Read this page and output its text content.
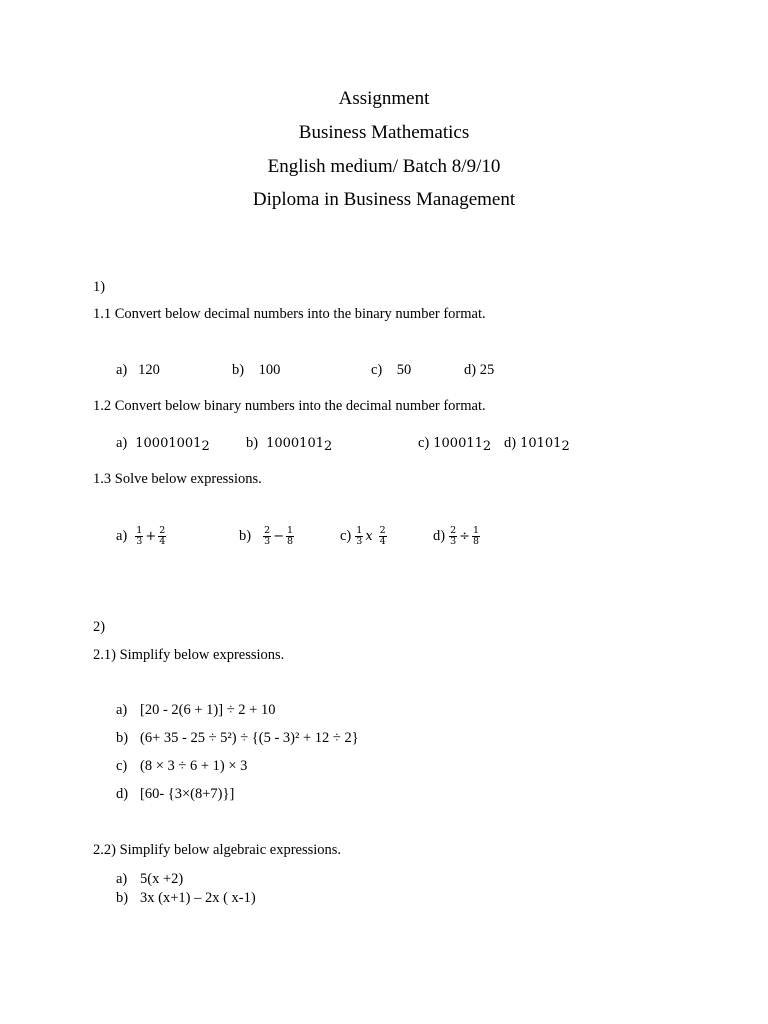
Assignment
Business Mathematics
English medium/ Batch 8/9/10
Diploma in Business Management
1)
1.1 Convert below decimal numbers into the binary number format.
a) 120	b) 100	c) 50	d) 25
1.2 Convert below binary numbers into the decimal number format.
a) $10001001_2$	b) $1000101_2$	c) $100011_2$ d) $10101_2$
1.3 Solve below expressions.
$a) \frac{1}{3} + \frac{2}{4}$	$b) \frac{2}{3} - \frac{1}{8}$	$c) \frac{1}{3}$ x $\frac{2}{4}$	$d) \frac{2}{3} \div \frac{1}{8}$
2)
2.1) Simplify below expressions.
a) [20 - 2(6 + 1)] ÷ 2 + 10
b) (6+ 35 - 25 ÷ 5²) ÷ {(5 - 3)² + 12 ÷ 2}
c) (8 × 3 ÷ 6 + 1) × 3
d) [60- {3×(8+7)}]
2.2) Simplify below algebraic expressions.
a) 5(x +2)
b) 3x (x+1) – 2x ( x-1)
